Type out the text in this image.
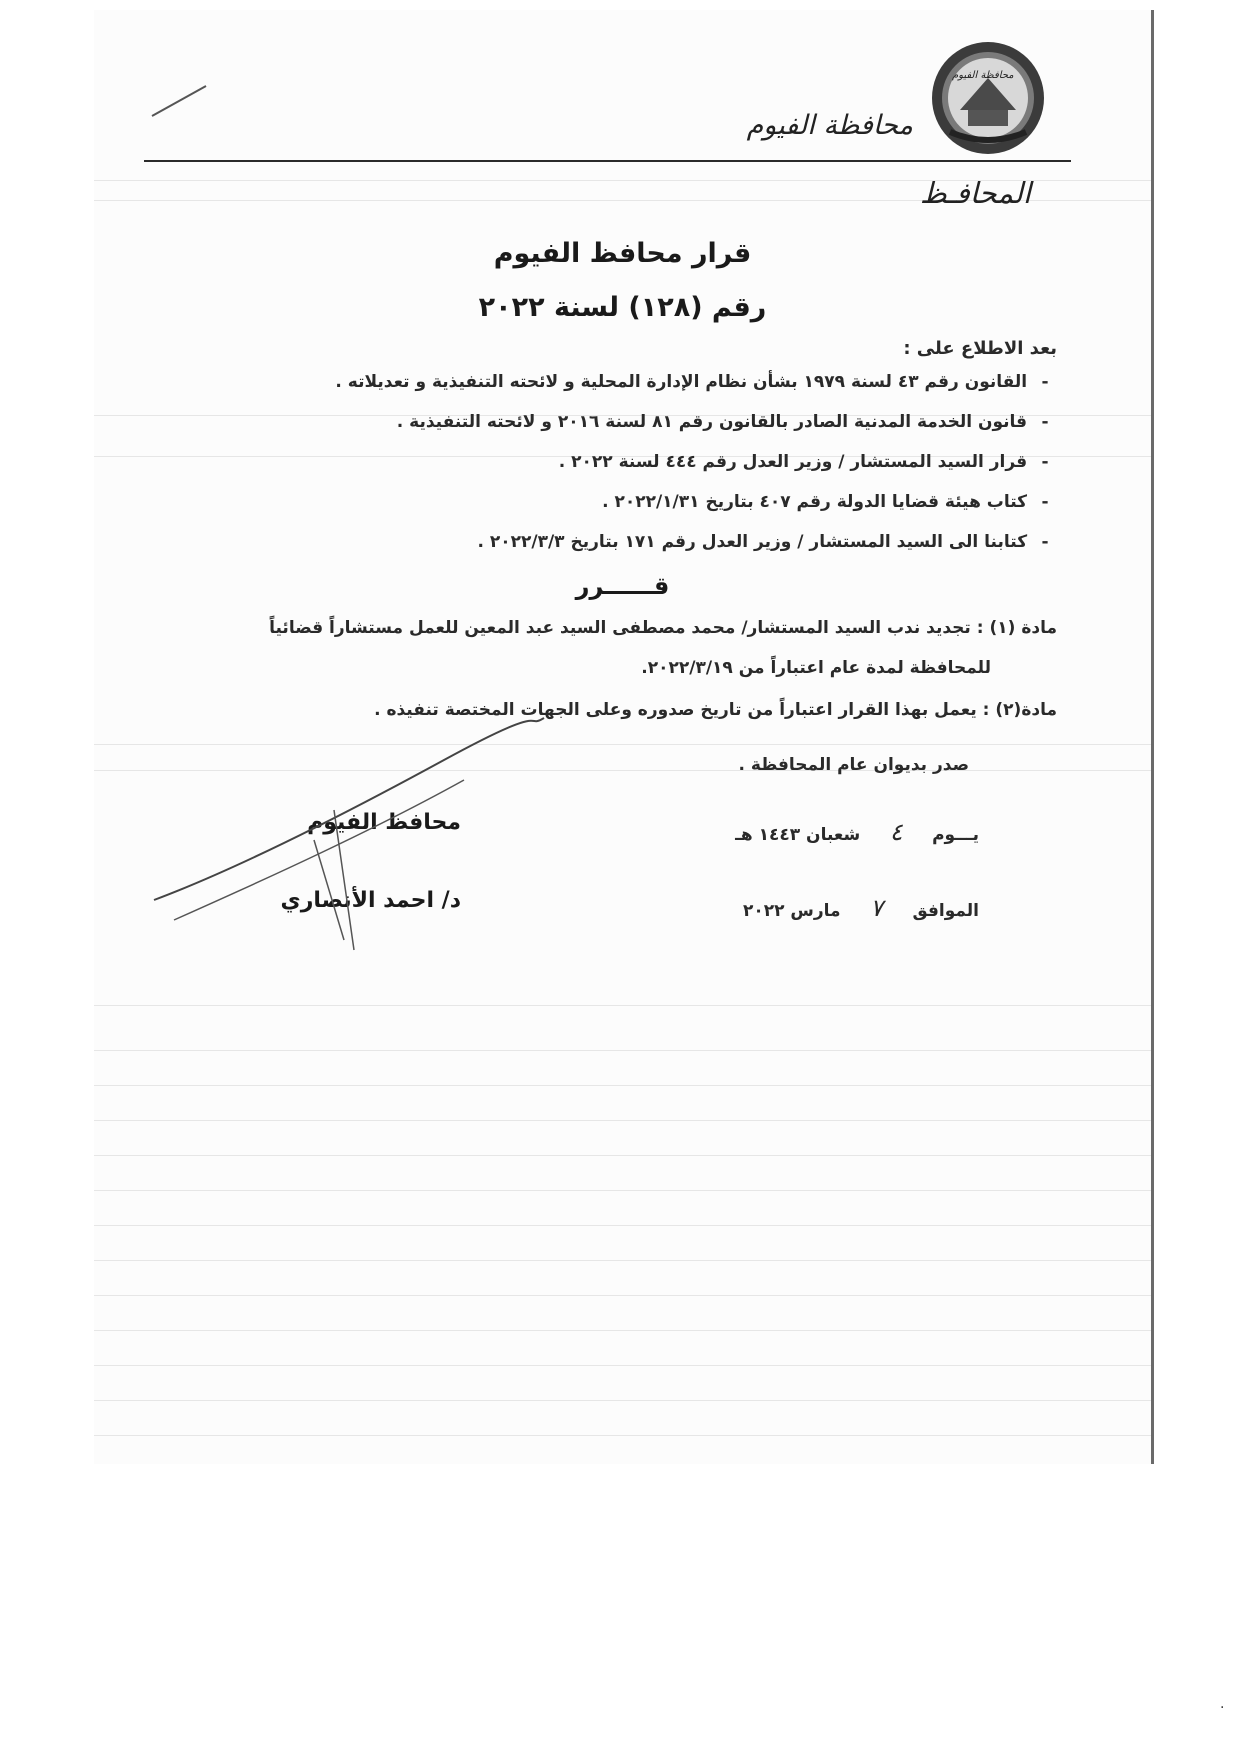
محافظة الفيوم
محافظة الفيوم
المحافـظ
قرار محافظ الفيوم
رقم (١٢٨) لسنة ٢٠٢٢
بعد الاطلاع على :
- القانون رقم ٤٣ لسنة ١٩٧٩ بشأن نظام الإدارة المحلية و لائحته التنفيذية و تعديلاته .
- قانون الخدمة المدنية الصادر بالقانون رقم ٨١ لسنة ٢٠١٦ و لائحته التنفيذية .
- قرار السيد المستشار / وزير العدل رقم ٤٤٤ لسنة ٢٠٢٢ .
- كتاب هيئة قضايا الدولة رقم ٤٠٧ بتاريخ ٢٠٢٢/١/٣١ .
- كتابنا الى السيد المستشار / وزير العدل رقم ١٧١ بتاريخ ٢٠٢٢/٣/٣ .
قــــــرر
مادة (١) : تجديد ندب السيد المستشار/ محمد مصطفى السيد عبد المعين للعمل مستشاراً قضائياً
للمحافظة لمدة عام اعتباراً من ٢٠٢٢/٣/١٩.
مادة(٢) : يعمل بهذا القرار اعتباراً من تاريخ صدوره وعلى الجهات المختصة تنفيذه .
صدر بديوان عام المحافظة .
يـــوم ٤ شعبان ١٤٤٣ هـ
الموافق ٧ مارس ٢٠٢٢
محافظ الفيوم
د/ احمد الأنصاري
·
